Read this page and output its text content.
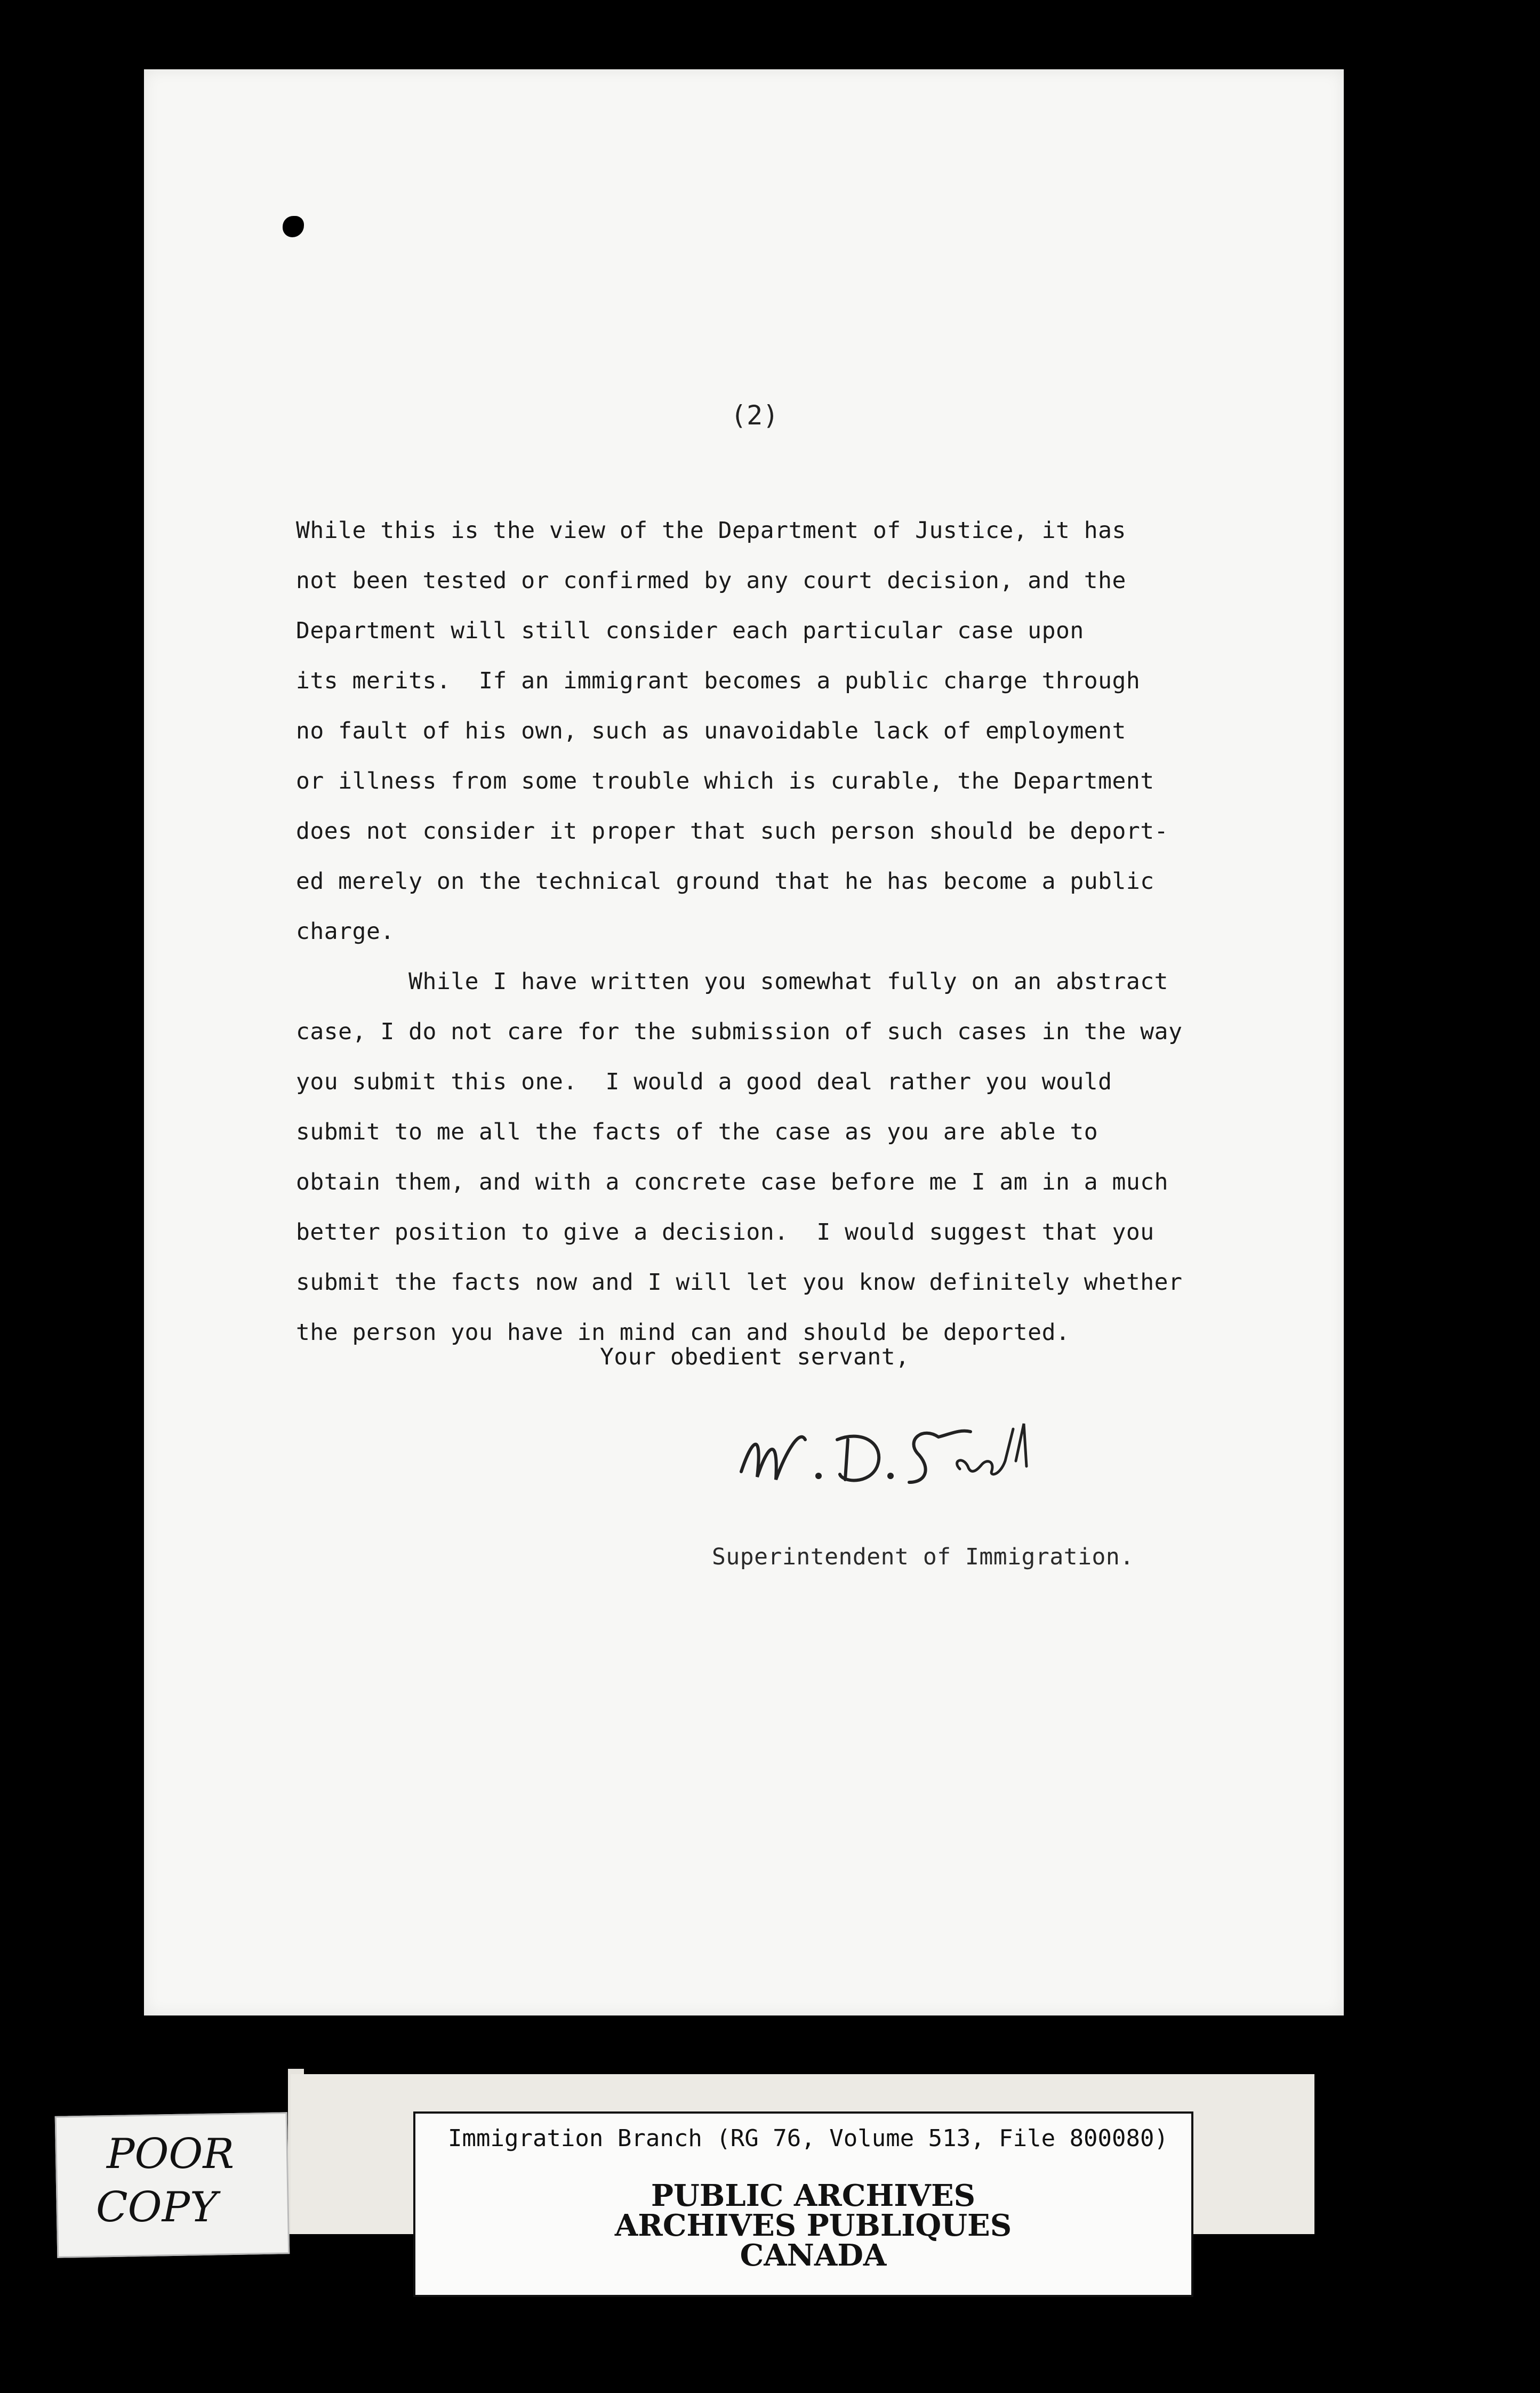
(2)
While this is the view of the Department of Justice, it has
not been tested or confirmed by any court decision, and the
Department will still consider each particular case upon
its merits.  If an immigrant becomes a public charge through
no fault of his own, such as unavoidable lack of employment
or illness from some trouble which is curable, the Department
does not consider it proper that such person should be deport-
ed merely on the technical ground that he has become a public
charge.
While I have written you somewhat fully on an abstract
case, I do not care for the submission of such cases in the way
you submit this one.  I would a good deal rather you would
submit to me all the facts of the case as you are able to
obtain them, and with a concrete case before me I am in a much
better position to give a decision.  I would suggest that you
submit the facts now and I will let you know definitely whether
the person you have in mind can and should be deported.
Your obedient servant,
Superintendent of Immigration.
Immigration Branch (RG 76, Volume 513, File 800080)
PUBLIC ARCHIVES
ARCHIVES PUBLIQUES
CANADA
POOR
COPY
